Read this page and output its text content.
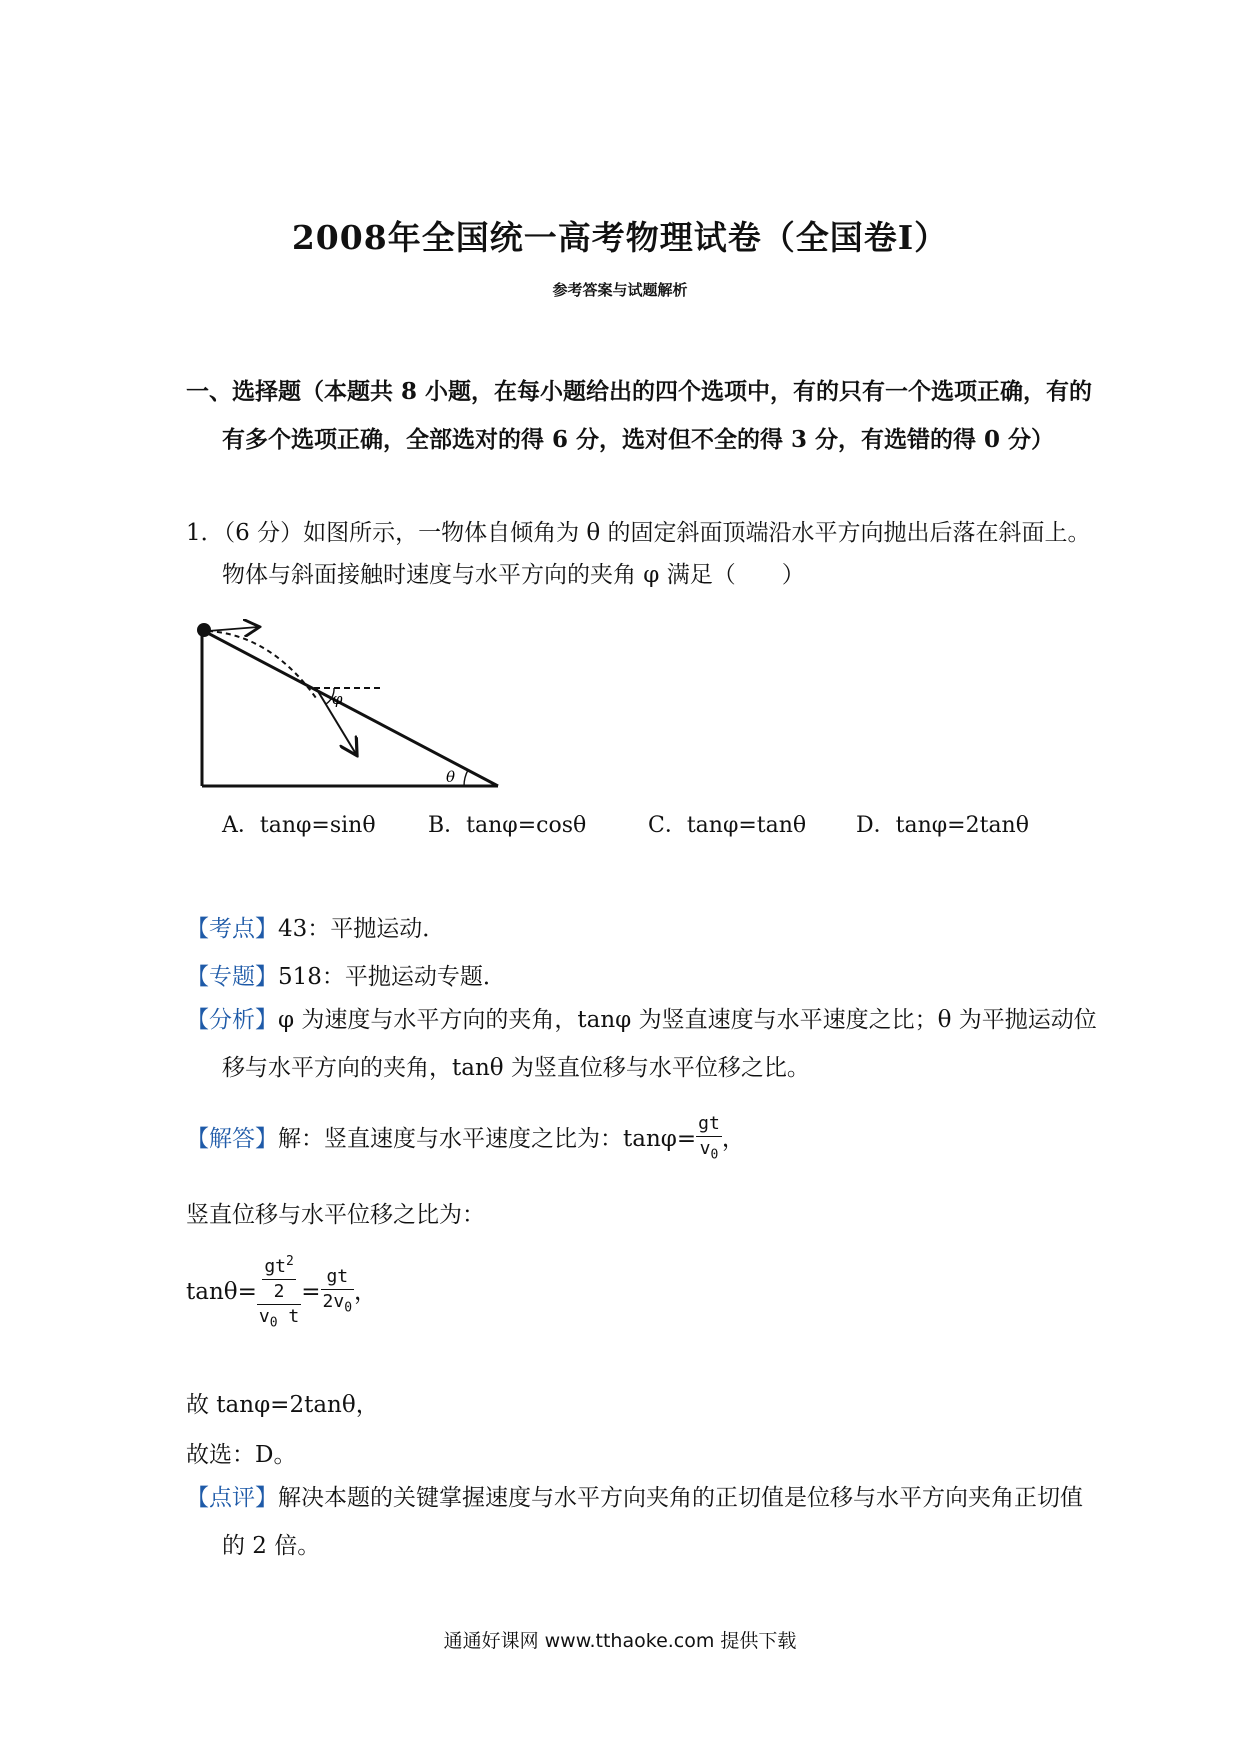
2008年全国统一高考物理试卷（全国卷I）
参考答案与试题解析
一、选择题（本题共 8 小题，在每小题给出的四个选项中，有的只有一个选项正确，有的有多个选项正确，全部选对的得 6 分，选对但不全的得 3 分，有选错的得 0 分）
1．（6 分）如图所示，一物体自倾角为 θ 的固定斜面顶端沿水平方向抛出后落在斜面上。物体与斜面接触时速度与水平方向的夹角 φ 满足（　　）
φ
θ
A．tanφ=sinθ	B．tanφ=cosθ	C．tanφ=tanθ	D．tanφ=2tanθ
【考点】43：平抛运动．
【专题】518：平抛运动专题．
【分析】φ 为速度与水平方向的夹角，tanφ 为竖直速度与水平速度之比；θ 为平抛运动位移与水平方向的夹角，tanθ 为竖直位移与水平位移之比。
【解答】解：竖直速度与水平速度之比为：$\tan\varphi= \frac{gt}{v_0}$ ，
竖直位移与水平位移之比为：
$\tan\theta= \frac{\frac{gt^2}{2}}{v_0 t} = \frac{gt}{2v_0}$ ，
故 tanφ=2tanθ，
故选：D。
【点评】解决本题的关键掌握速度与水平方向夹角的正切值是位移与水平方向夹角正切值的 2 倍。
通通好课网 www.tthaoke.com 提供下载
